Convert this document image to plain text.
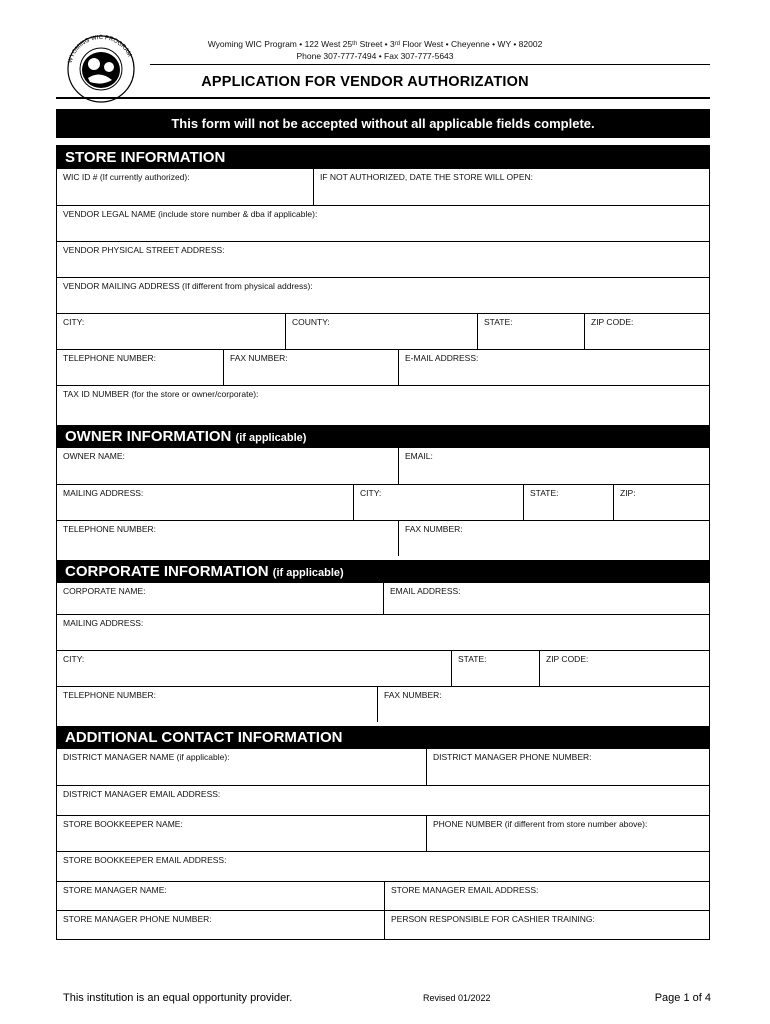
WYOMING WIC PROGRAM
Wyoming WIC Program • 122 West 25ᵗʰ Street • 3ʳᵈ Floor West • Cheyenne • WY • 82002
Phone 307-777-7494 • Fax 307-777-5643
APPLICATION FOR VENDOR AUTHORIZATION
This form will not be accepted without all applicable fields complete.
STORE INFORMATION
WIC ID # (If currently authorized):	IF NOT AUTHORIZED, DATE THE STORE WILL OPEN:
VENDOR LEGAL NAME (include store number & dba if applicable):
VENDOR PHYSICAL STREET ADDRESS:
VENDOR MAILING ADDRESS (If different from physical address):
CITY:	COUNTY:	STATE:	ZIP CODE:
TELEPHONE NUMBER:	FAX NUMBER:	E-MAIL ADDRESS:
TAX ID NUMBER (for the store or owner/corporate):
OWNER INFORMATION (if applicable)
OWNER NAME:	EMAIL:
MAILING ADDRESS:	CITY:	STATE:	ZIP:
TELEPHONE NUMBER:	FAX NUMBER:
CORPORATE INFORMATION (if applicable)
CORPORATE NAME:	EMAIL ADDRESS:
MAILING ADDRESS:
CITY:	STATE:	ZIP CODE:
TELEPHONE NUMBER:	FAX NUMBER:
ADDITIONAL CONTACT INFORMATION
DISTRICT MANAGER NAME (if applicable):	DISTRICT MANAGER PHONE NUMBER:
DISTRICT MANAGER EMAIL ADDRESS:
STORE BOOKKEEPER NAME:	PHONE NUMBER (if different from store number above):
STORE BOOKKEEPER EMAIL ADDRESS:
STORE MANAGER NAME:	STORE MANAGER EMAIL ADDRESS:
STORE MANAGER PHONE NUMBER:	PERSON RESPONSIBLE FOR CASHIER TRAINING:
This institution is an equal opportunity provider.	Revised 01/2022	Page 1 of 4
